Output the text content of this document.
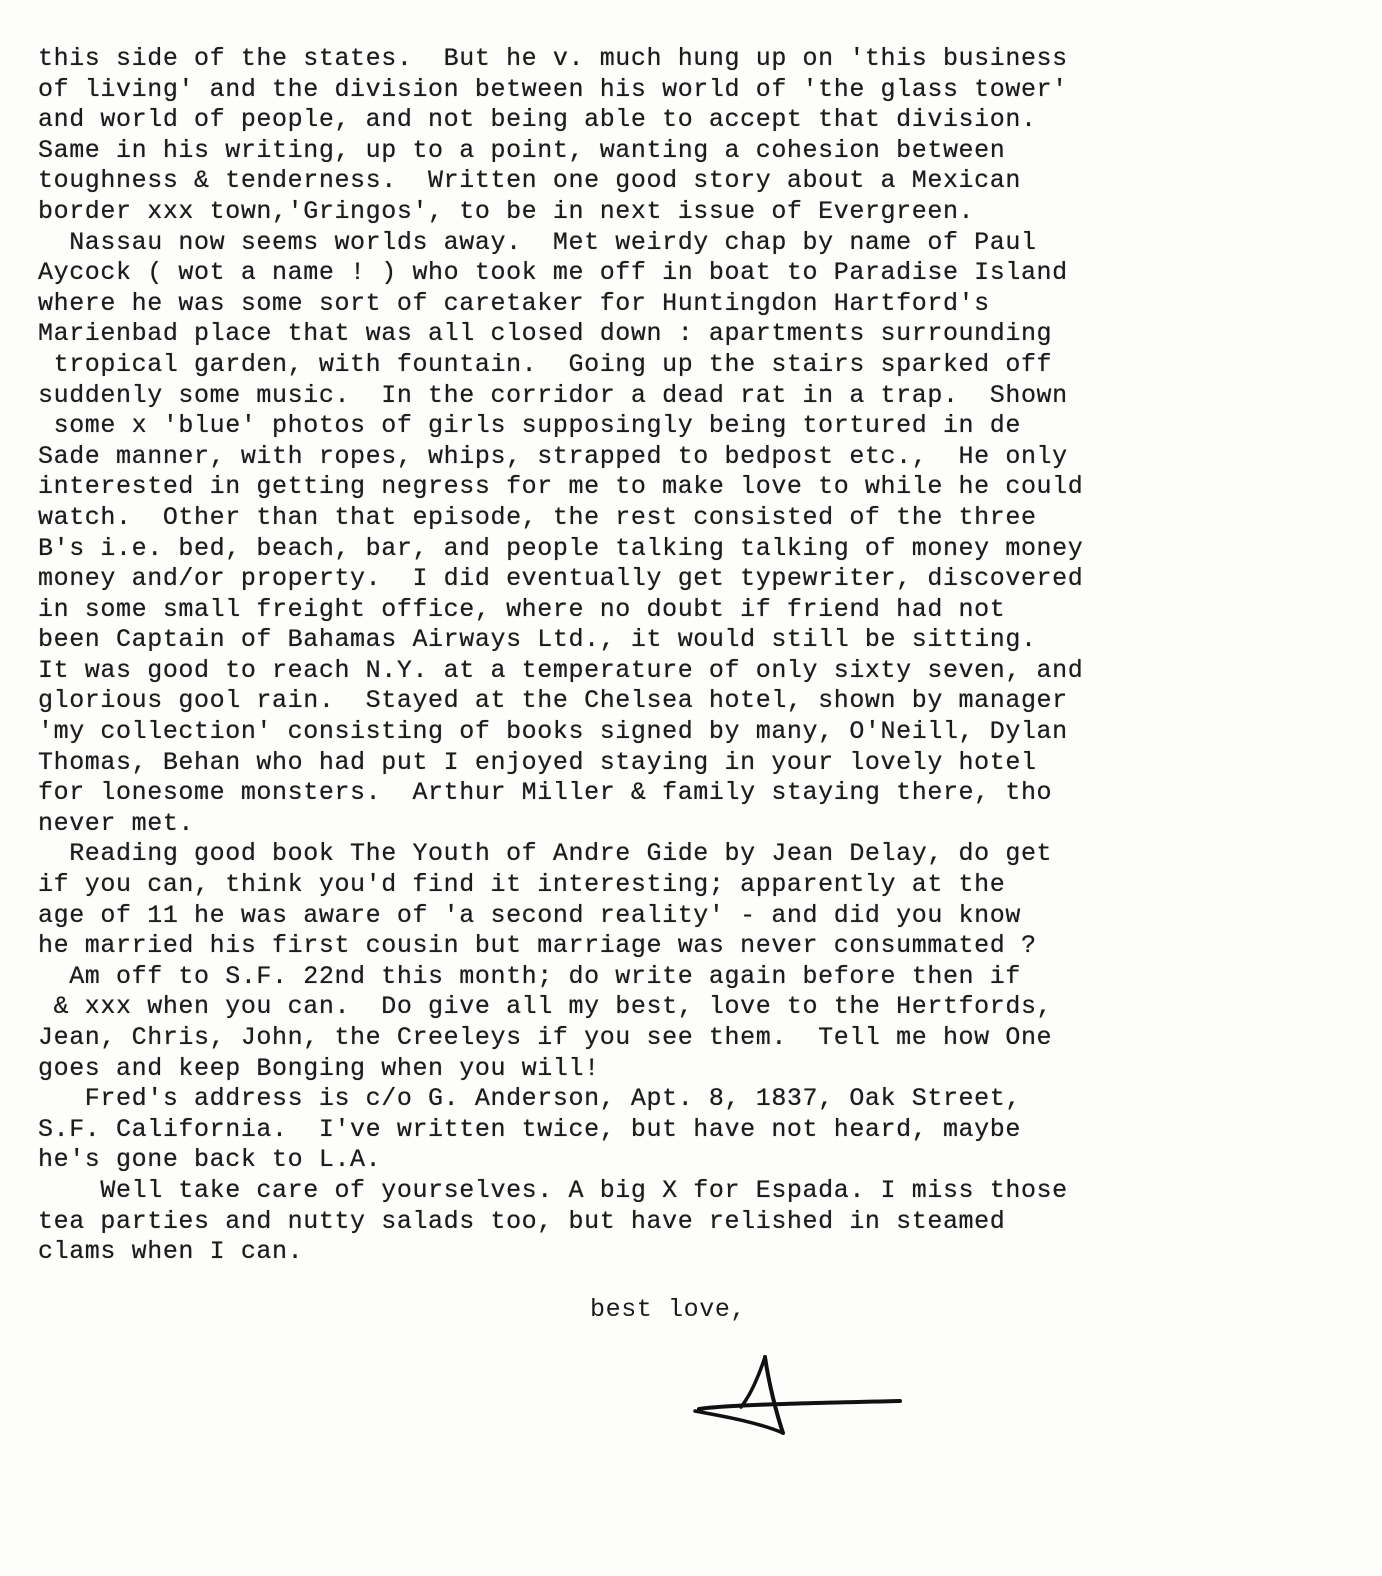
this side of the states.  But he v. much hung up on 'this business
of living' and the division between his world of 'the glass tower'
and world of people, and not being able to accept that division.
Same in his writing, up to a point, wanting a cohesion between
toughness & tenderness.  Written one good story about a Mexican
border xxx town,'Gringos', to be in next issue of Evergreen.
Nassau now seems worlds away.  Met weirdy chap by name of Paul
Aycock ( wot a name ! ) who took me off in boat to Paradise Island
where he was some sort of caretaker for Huntingdon Hartford's
Marienbad place that was all closed down : apartments surrounding
tropical garden, with fountain.  Going up the stairs sparked off
suddenly some music.  In the corridor a dead rat in a trap.  Shown
some x 'blue' photos of girls supposingly being tortured in de
Sade manner, with ropes, whips, strapped to bedpost etc.,  He only
interested in getting negress for me to make love to while he could
watch.  Other than that episode, the rest consisted of the three
B's i.e. bed, beach, bar, and people talking talking of money money
money and/or property.  I did eventually get typewriter, discovered
in some small freight office, where no doubt if friend had not
been Captain of Bahamas Airways Ltd., it would still be sitting.
It was good to reach N.Y. at a temperature of only sixty seven, and
glorious gool rain.  Stayed at the Chelsea hotel, shown by manager
'my collection' consisting of books signed by many, O'Neill, Dylan
Thomas, Behan who had put I enjoyed staying in your lovely hotel
for lonesome monsters.  Arthur Miller & family staying there, tho
never met.
Reading good book The Youth of Andre Gide by Jean Delay, do get
if you can, think you'd find it interesting; apparently at the
age of 11 he was aware of 'a second reality' - and did you know
he married his first cousin but marriage was never consummated ?
Am off to S.F. 22nd this month; do write again before then if
& xxx when you can.  Do give all my best, love to the Hertfords,
Jean, Chris, John, the Creeleys if you see them.  Tell me how One
goes and keep Bonging when you will!
Fred's address is c/o G. Anderson, Apt. 8, 1837, Oak Street,
S.F. California.  I've written twice, but have not heard, maybe
he's gone back to L.A.
Well take care of yourselves. A big X for Espada. I miss those
tea parties and nutty salads too, but have relished in steamed
clams when I can.
best love,
